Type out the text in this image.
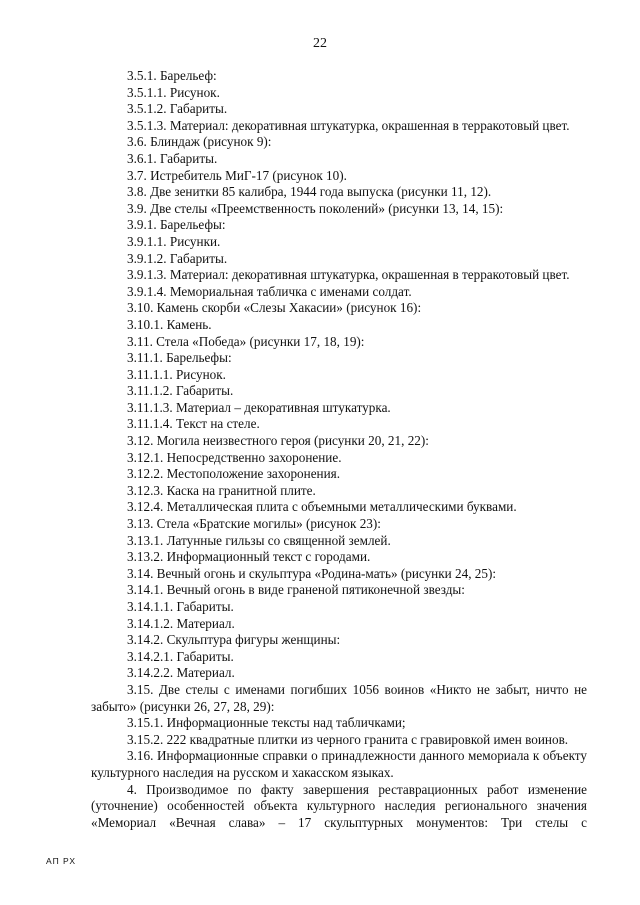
22

3.5.1. Барельеф:

3.5.1.1. Рисунок.

3.5.1.2. Габариты.

3.5.1.3. Материал: декоративная штукатурка, окрашенная в терракотовый цвет.

3.6. Блиндаж (рисунок 9):

3.6.1. Габариты.

3.7. Истребитель МиГ-17 (рисунок 10).

3.8. Две зенитки 85 калибра, 1944 года выпуска (рисунки 11, 12).

3.9. Две стелы «Преемственность поколений» (рисунки 13, 14, 15):

3.9.1. Барельефы:

3.9.1.1. Рисунки.

3.9.1.2. Габариты.

3.9.1.3. Материал: декоративная штукатурка, окрашенная в терракотовый цвет.

3.9.1.4. Мемориальная табличка с именами солдат.

3.10. Камень скорби «Слезы Хакасии» (рисунок 16):

3.10.1. Камень.

3.11. Стела «Победа» (рисунки 17, 18, 19):

3.11.1. Барельефы:

3.11.1.1. Рисунок.

3.11.1.2. Габариты.

3.11.1.3. Материал – декоративная штукатурка.

3.11.1.4. Текст на стеле.

3.12. Могила неизвестного героя (рисунки 20, 21, 22):

3.12.1. Непосредственно захоронение.

3.12.2. Местоположение захоронения.

3.12.3. Каска на гранитной плите.

3.12.4. Металлическая плита с объемными металлическими буквами.

3.13. Стела «Братские могилы» (рисунок 23):

3.13.1. Латунные гильзы со священной землей.

3.13.2. Информационный текст с городами.

3.14. Вечный огонь и скульптура «Родина-мать» (рисунки 24, 25):

3.14.1. Вечный огонь в виде граненой пятиконечной звезды:

3.14.1.1. Габариты.

3.14.1.2. Материал.

3.14.2. Скульптура фигуры женщины:

3.14.2.1. Габариты.

3.14.2.2. Материал.

3.15. Две стелы с именами погибших 1056 воинов «Никто не забыт, ничто не забыто» (рисунки 26, 27, 28, 29):

3.15.1. Информационные тексты над табличками;

3.15.2. 222 квадратные плитки из черного гранита с гравировкой имен воинов.

3.16. Информационные справки о принадлежности данного мемориала к объекту культурного наследия на русском и хакасском языках.

4. Производимое по факту завершения реставрационных работ изменение (уточнение) особенностей объекта культурного наследия регионального значения «Мемориал «Вечная слава» – 17 скульптурных монументов: Три стелы с

АП РХ
